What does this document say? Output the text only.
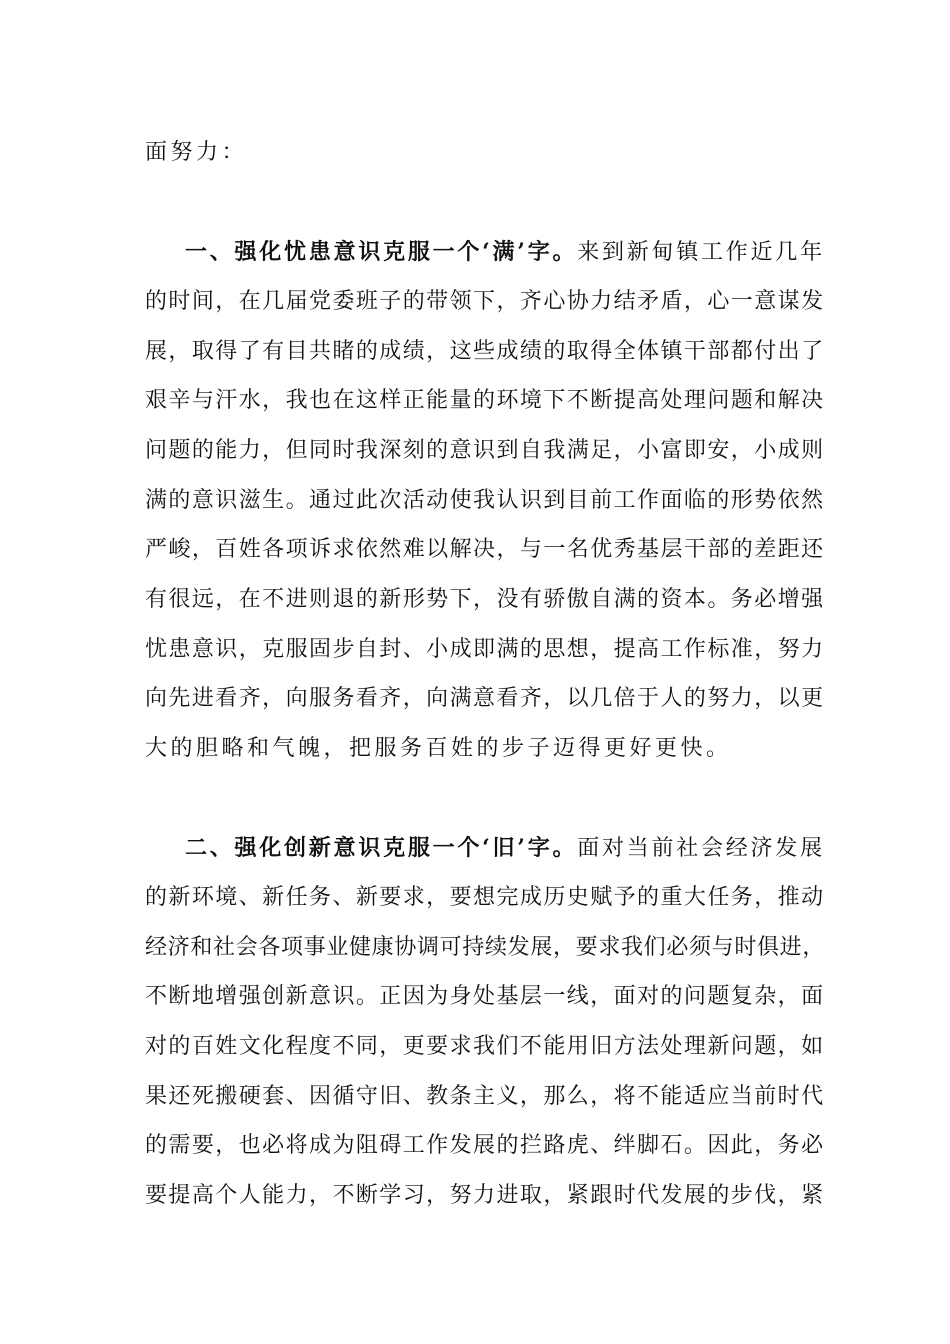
面努力：
一、强化忧患意识克服一个‘满’字。来到新甸镇工作近几年
的时间，在几届党委班子的带领下，齐心协力结矛盾，心一意谋发
展，取得了有目共睹的成绩，这些成绩的取得全体镇干部都付出了
艰辛与汗水，我也在这样正能量的环境下不断提高处理问题和解决
问题的能力，但同时我深刻的意识到自我满足，小富即安，小成则
满的意识滋生。通过此次活动使我认识到目前工作面临的形势依然
严峻，百姓各项诉求依然难以解决，与一名优秀基层干部的差距还
有很远，在不进则退的新形势下，没有骄傲自满的资本。务必增强
忧患意识，克服固步自封、小成即满的思想，提高工作标准，努力
向先进看齐，向服务看齐，向满意看齐，以几倍于人的努力，以更
大的胆略和气魄，把服务百姓的步子迈得更好更快。
二、强化创新意识克服一个‘旧’字。面对当前社会经济发展
的新环境、新任务、新要求，要想完成历史赋予的重大任务，推动
经济和社会各项事业健康协调可持续发展，要求我们必须与时俱进，
不断地增强创新意识。正因为身处基层一线，面对的问题复杂，面
对的百姓文化程度不同，更要求我们不能用旧方法处理新问题，如
果还死搬硬套、因循守旧、教条主义，那么，将不能适应当前时代
的需要，也必将成为阻碍工作发展的拦路虎、绊脚石。因此，务必
要提高个人能力，不断学习，努力进取，紧跟时代发展的步伐，紧
